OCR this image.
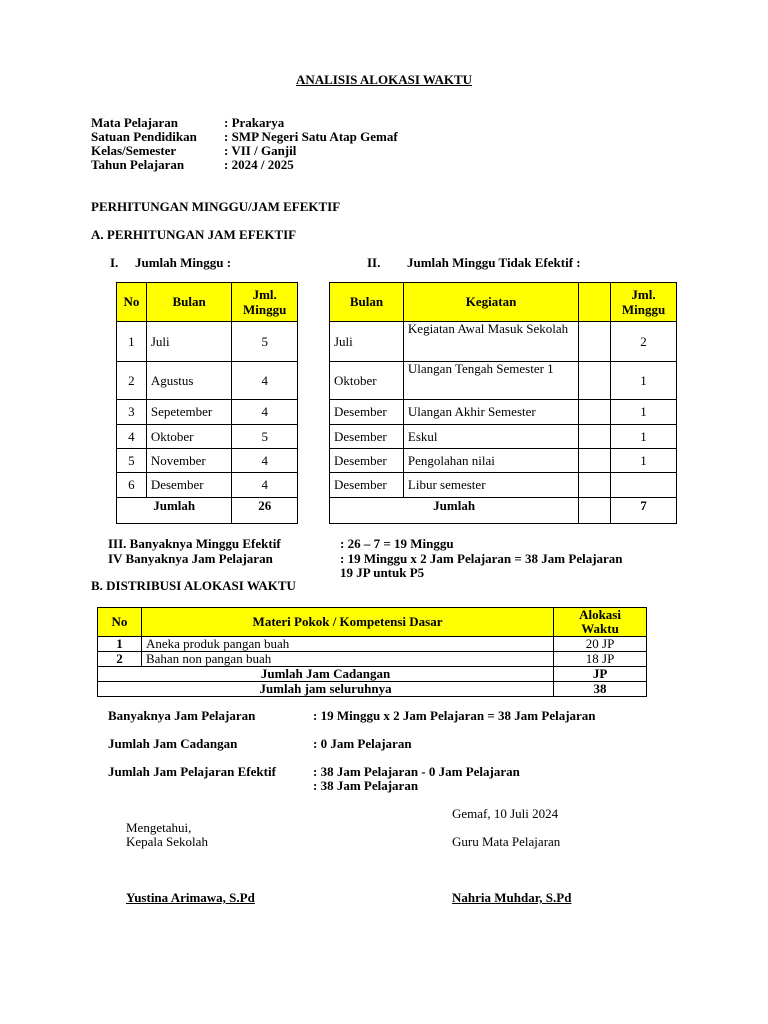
ANALISIS ALOKASI WAKTU
Mata Pelajaran	: Prakarya
Satuan Pendidikan : SMP Negeri Satu Atap Gemaf
Kelas/Semester	: VII / Ganjil
Tahun Pelajaran	: 2024 / 2025
PERHITUNGAN MINGGU/JAM EFEKTIF
A. PERHITUNGAN JAM EFEKTIF
I. Jumlah Minggu :	II. Jumlah Minggu Tidak Efektif :
No	Bulan	Jml.
Minggu
1	Juli	5
2	Agustus	4
3	Sepetember	4
4	Oktober	5
5	November	4
6	Desember	4
Jumlah		26
Bulan	Kegiatan		Jml.
Minggu
Juli	Kegiatan Awal Masuk Sekolah		2
Oktober	Ulangan Tengah Semester 1		1
Desember	Ulangan Akhir Semester		1
Desember	Eskul		1
Desember	Pengolahan nilai		1
Desember	Libur semester		
Jumlah			7
III. Banyaknya Minggu Efektif	: 26 – 7 = 19 Minggu
IV Banyaknya Jam Pelajaran	: 19 Minggu x 2 Jam Pelajaran = 38 Jam Pelajaran
19 JP untuk P5
B. DISTRIBUSI ALOKASI WAKTU
No	Materi Pokok / Kompetensi Dasar	Alokasi
Waktu
1	Aneka produk pangan buah	20 JP
2	Bahan non pangan buah	18 JP
Jumlah Jam Cadangan		JP
Jumlah jam seluruhnya		38
Banyaknya Jam Pelajaran	: 19 Minggu x 2 Jam Pelajaran = 38 Jam Pelajaran
Jumlah Jam Cadangan	: 0 Jam Pelajaran
Jumlah Jam Pelajaran Efektif	: 38 Jam Pelajaran - 0 Jam Pelajaran
: 38 Jam Pelajaran
Gemaf, 10 Juli 2024
Mengetahui,
Kepala Sekolah	Guru Mata Pelajaran
Yustina Arimawa, S.Pd	Nahria Muhdar, S.Pd
